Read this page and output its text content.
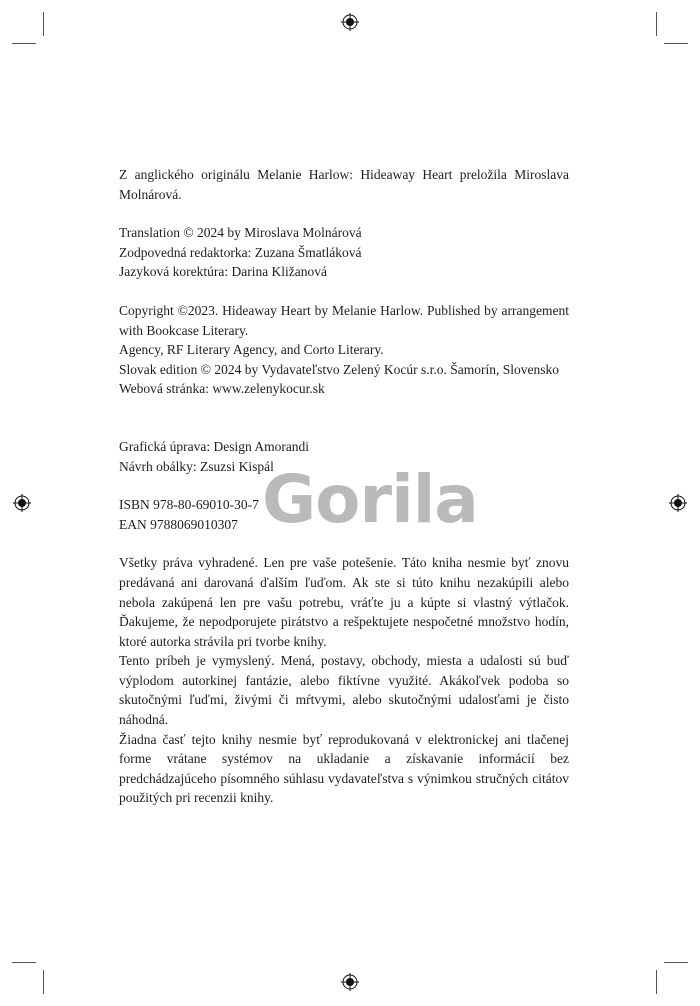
Z anglického originálu Melanie Harlow: Hideaway Heart preložila Miroslava Molnárová.

Translation © 2024 by Miroslava Molnárová

Zodpovedná redaktorka: Zuzana Šmatláková

Jazyková korektúra: Darina Kližanová

Copyright ©2023. Hideaway Heart by Melanie Harlow. Published by arrangement with Bookcase Literary.

Agency, RF Literary Agency, and Corto Literary.

Slovak edition © 2024 by Vydavateľstvo Zelený Kocúr s.r.o. Šamorín, Slovensko

Webová stránka: www.zelenykocur.sk

Grafická úprava: Design Amorandi

Návrh obálky: Zsuzsi Kispál

ISBN 978-80-69010-30-7

EAN 9788069010307

Všetky práva vyhradené. Len pre vaše potešenie. Táto kniha nesmie byť znovu predávaná ani darovaná ďalším ľuďom. Ak ste si túto knihu nezakúpili alebo nebola zakúpená len pre vašu potrebu, vráťte ju a kúpte si vlastný výtlačok. Ďakujeme, že nepodporujete pirátstvo a rešpektujete nespočetné množstvo hodín, ktoré autorka strávila pri tvorbe knihy.

Tento príbeh je vymyslený. Mená, postavy, obchody, miesta a udalosti sú buď výplodom autorkinej fantázie, alebo fiktívne využité. Akákoľvek podoba so skutočnými ľuďmi, živými či mŕtvymi, alebo skutočnými udalosťami je čisto náhodná.

Žiadna časť tejto knihy nesmie byť reprodukovaná v elektronickej ani tlačenej forme vrátane systémov na ukladanie a získavanie informácií bez predchádzajúceho písomného súhlasu vydavateľstva s výnimkou stručných citátov použitých pri recenzii knihy.

Gorila
